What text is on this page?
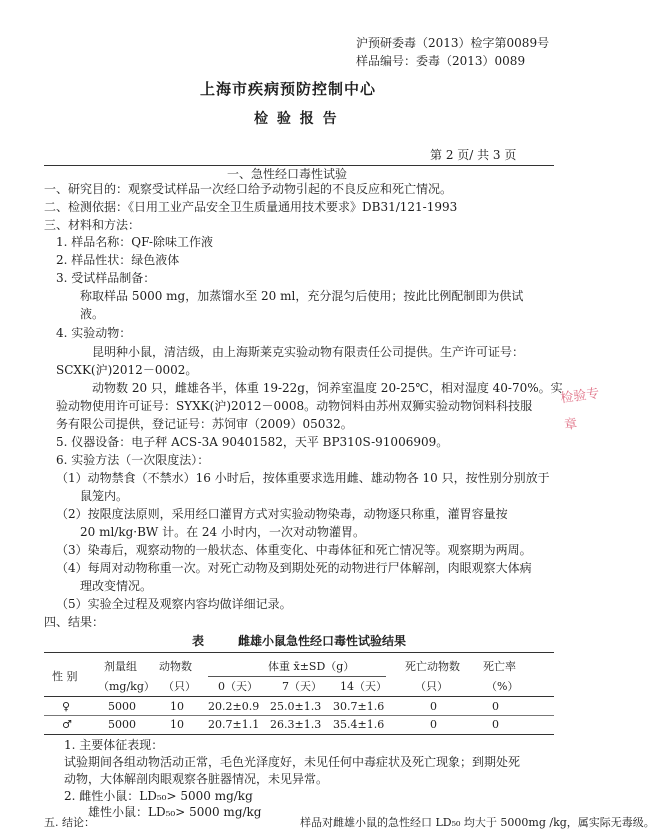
沪预研委毒（2013）检字第0089号
样品编号：委毒（2013）0089
上海市疾病预防控制中心
检 验 报 告
第 2 页/ 共 3 页
一、急性经口毒性试验
一、研究目的：观察受试样品一次经口给予动物引起的不良反应和死亡情况。
二、检测依据：《日用工业产品安全卫生质量通用技术要求》DB31/121-1993
三、材料和方法：
1. 样品名称：QF-除味工作液
2. 样品性状：绿色液体
3. 受试样品制备：
称取样品 5000 mg，加蒸馏水至 20 ml，充分混匀后使用；按此比例配制即为供试
液。
4. 实验动物：
昆明种小鼠，清洁级，由上海斯莱克实验动物有限责任公司提供。生产许可证号：
SCXK(沪)2012－0002。
动物数 20 只，雌雄各半，体重 19-22g，饲养室温度 20-25℃，相对湿度 40-70%。实
验动物使用许可证号：SYXK(沪)2012－0008。动物饲料由苏州双狮实验动物饲料科技服
务有限公司提供，登记证号：苏饲审（2009）05032。
5. 仪器设备：电子秤 ACS-3A 90401582，天平 BP310S-91006909。
6. 实验方法（一次限度法）：
（1）动物禁食（不禁水）16 小时后，按体重要求选用雌、雄动物各 10 只，按性别分别放于
鼠笼内。
（2）按限度法原则，采用经口灌胃方式对实验动物染毒，动物逐只称重，灌胃容量按
20 ml/kg·BW 计。在 24 小时内，一次对动物灌胃。
（3）染毒后，观察动物的一般状态、体重变化、中毒体征和死亡情况等。观察期为两周。
（4）每周对动物称重一次。对死亡动物及到期处死的动物进行尸体解剖，肉眼观察大体病
理改变情况。
（5）实验全过程及观察内容均做详细记录。
四、结果：
表	雌雄小鼠急性经口毒性试验结果
性 别
剂量组 动物数	体重 x̄±SD（g）	死亡动物数 死亡率
（mg/kg） （只） 0（天） 7（天） 14（天）	（只）	（%）
♀	5000	10 20.2±0.9 25.0±1.3 30.7±1.6	0	0
♂	5000	10 20.7±1.1 26.3±1.3 35.4±1.6	0	0
1. 主要体征表现：
试验期间各组动物活动正常，毛色光泽度好，未见任何中毒症状及死亡现象；到期处死
动物，大体解剖肉眼观察各脏器情况，未见异常。
2. 雌性小鼠：LD₅₀> 5000 mg/kg
雄性小鼠：LD₅₀> 5000 mg/kg
五. 结论：	样品对雌雄小鼠的急性经口 LD₅₀ 均大于 5000mg /kg，属实际无毒级。
检验专
章
